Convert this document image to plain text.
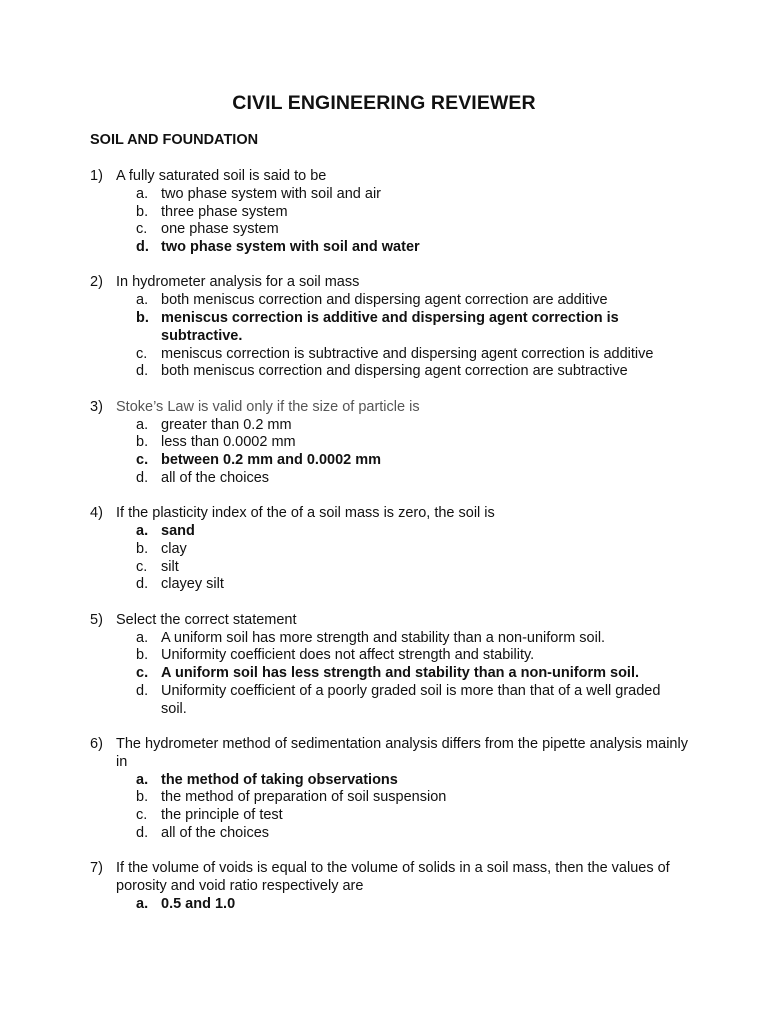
CIVIL ENGINEERING REVIEWER
SOIL AND FOUNDATION
1) A fully saturated soil is said to be
a. two phase system with soil and air
b. three phase system
c. one phase system
d. two phase system with soil and water
2) In hydrometer analysis for a soil mass
a. both meniscus correction and dispersing agent correction are additive
b. meniscus correction is additive and dispersing agent correction is subtractive.
c. meniscus correction is subtractive and dispersing agent correction is additive
d. both meniscus correction and dispersing agent correction are subtractive
3) Stoke’s Law is valid only if the size of particle is
a. greater than 0.2 mm
b. less than 0.0002 mm
c. between 0.2 mm and 0.0002 mm
d. all of the choices
4) If the plasticity index of the of a soil mass is zero, the soil is
a. sand
b. clay
c. silt
d. clayey silt
5) Select the correct statement
a. A uniform soil has more strength and stability than a non-uniform soil.
b. Uniformity coefficient does not affect strength and stability.
c. A uniform soil has less strength and stability than a non-uniform soil.
d. Uniformity coefficient of a poorly graded soil is more than that of a well graded soil.
6) The hydrometer method of sedimentation analysis differs from the pipette analysis mainly in
a. the method of taking observations
b. the method of preparation of soil suspension
c. the principle of test
d. all of the choices
7) If the volume of voids is equal to the volume of solids in a soil mass, then the values of porosity and void ratio respectively are
a. 0.5 and 1.0
